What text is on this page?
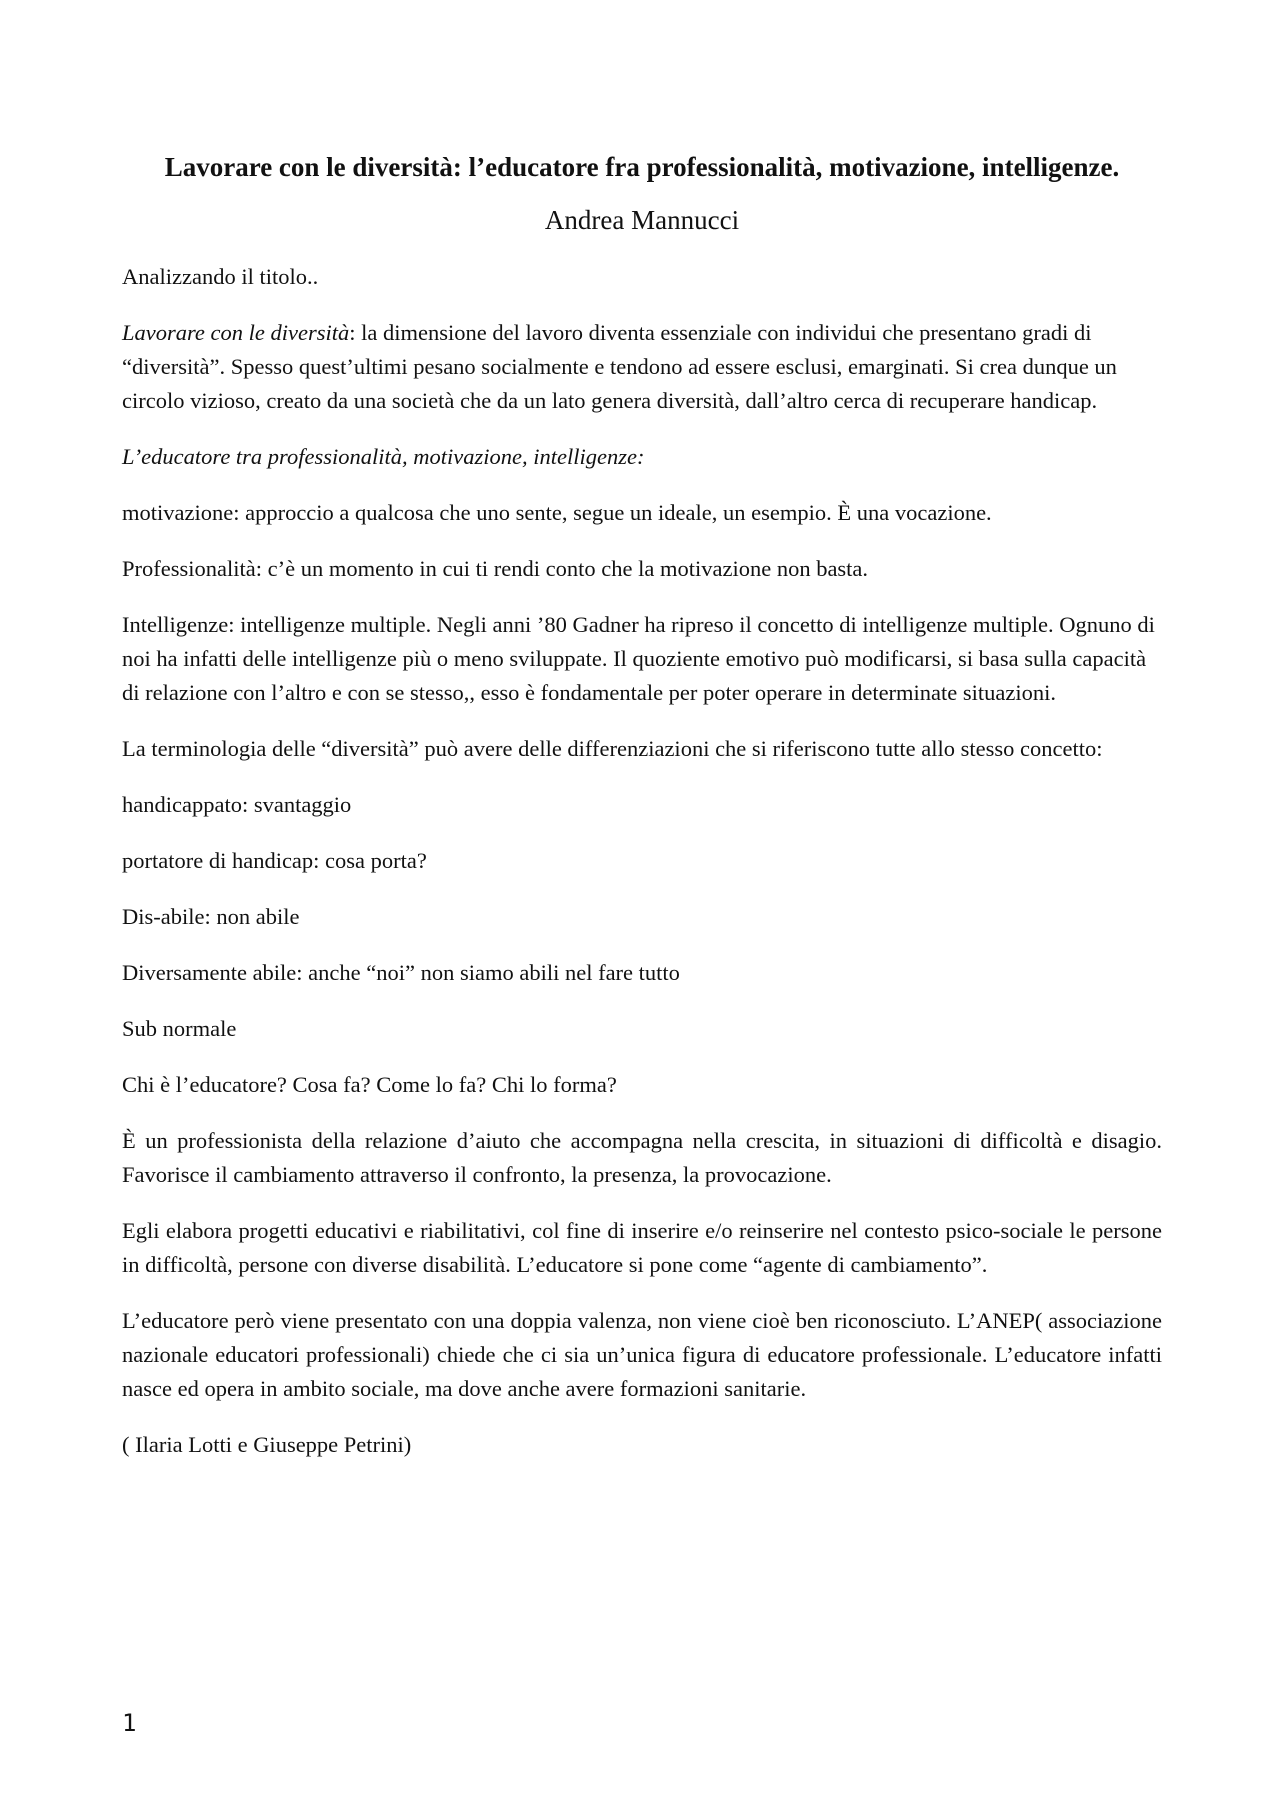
Lavorare con le diversità: l’educatore fra professionalità, motivazione, intelligenze.
Andrea Mannucci

Analizzando il titolo..

Lavorare con le diversità: la dimensione del lavoro diventa essenziale con individui che presentano gradi di “diversità”. Spesso quest’ultimi pesano socialmente e tendono ad essere esclusi, emarginati. Si crea dunque un circolo vizioso, creato da una società che da un lato genera diversità, dall’altro cerca di recuperare handicap.

L’educatore tra professionalità, motivazione, intelligenze:

motivazione: approccio a qualcosa che uno sente, segue un ideale, un esempio. È una vocazione.

Professionalità: c’è un momento in cui ti rendi conto che la motivazione non basta.

Intelligenze: intelligenze multiple. Negli anni ’80 Gadner ha ripreso il concetto di intelligenze multiple. Ognuno di noi ha infatti delle intelligenze più o meno sviluppate. Il quoziente emotivo può modificarsi, si basa sulla capacità di relazione con l’altro e con se stesso,, esso è fondamentale per poter operare in determinate situazioni.

La terminologia delle “diversità” può avere delle differenziazioni che si riferiscono tutte allo stesso concetto:

handicappato: svantaggio

portatore di handicap: cosa porta?

Dis-abile: non abile

Diversamente abile: anche “noi” non siamo abili nel fare tutto

Sub normale

Chi è l’educatore? Cosa fa? Come lo fa? Chi lo forma?

È un professionista della relazione d’aiuto che accompagna nella crescita, in situazioni di difficoltà e disagio. Favorisce il cambiamento attraverso il confronto, la presenza, la provocazione.

Egli elabora progetti educativi e riabilitativi, col fine di inserire e/o reinserire nel contesto psico-sociale le persone in difficoltà, persone con diverse disabilità. L’educatore si pone come “agente di cambiamento”.

L’educatore però viene presentato con una doppia valenza, non viene cioè ben riconosciuto. L’ANEP( associazione nazionale educatori professionali) chiede che ci sia un’unica figura di educatore professionale. L’educatore infatti nasce ed opera in ambito sociale, ma dove anche avere formazioni sanitarie.

( Ilaria Lotti e Giuseppe Petrini)

1
